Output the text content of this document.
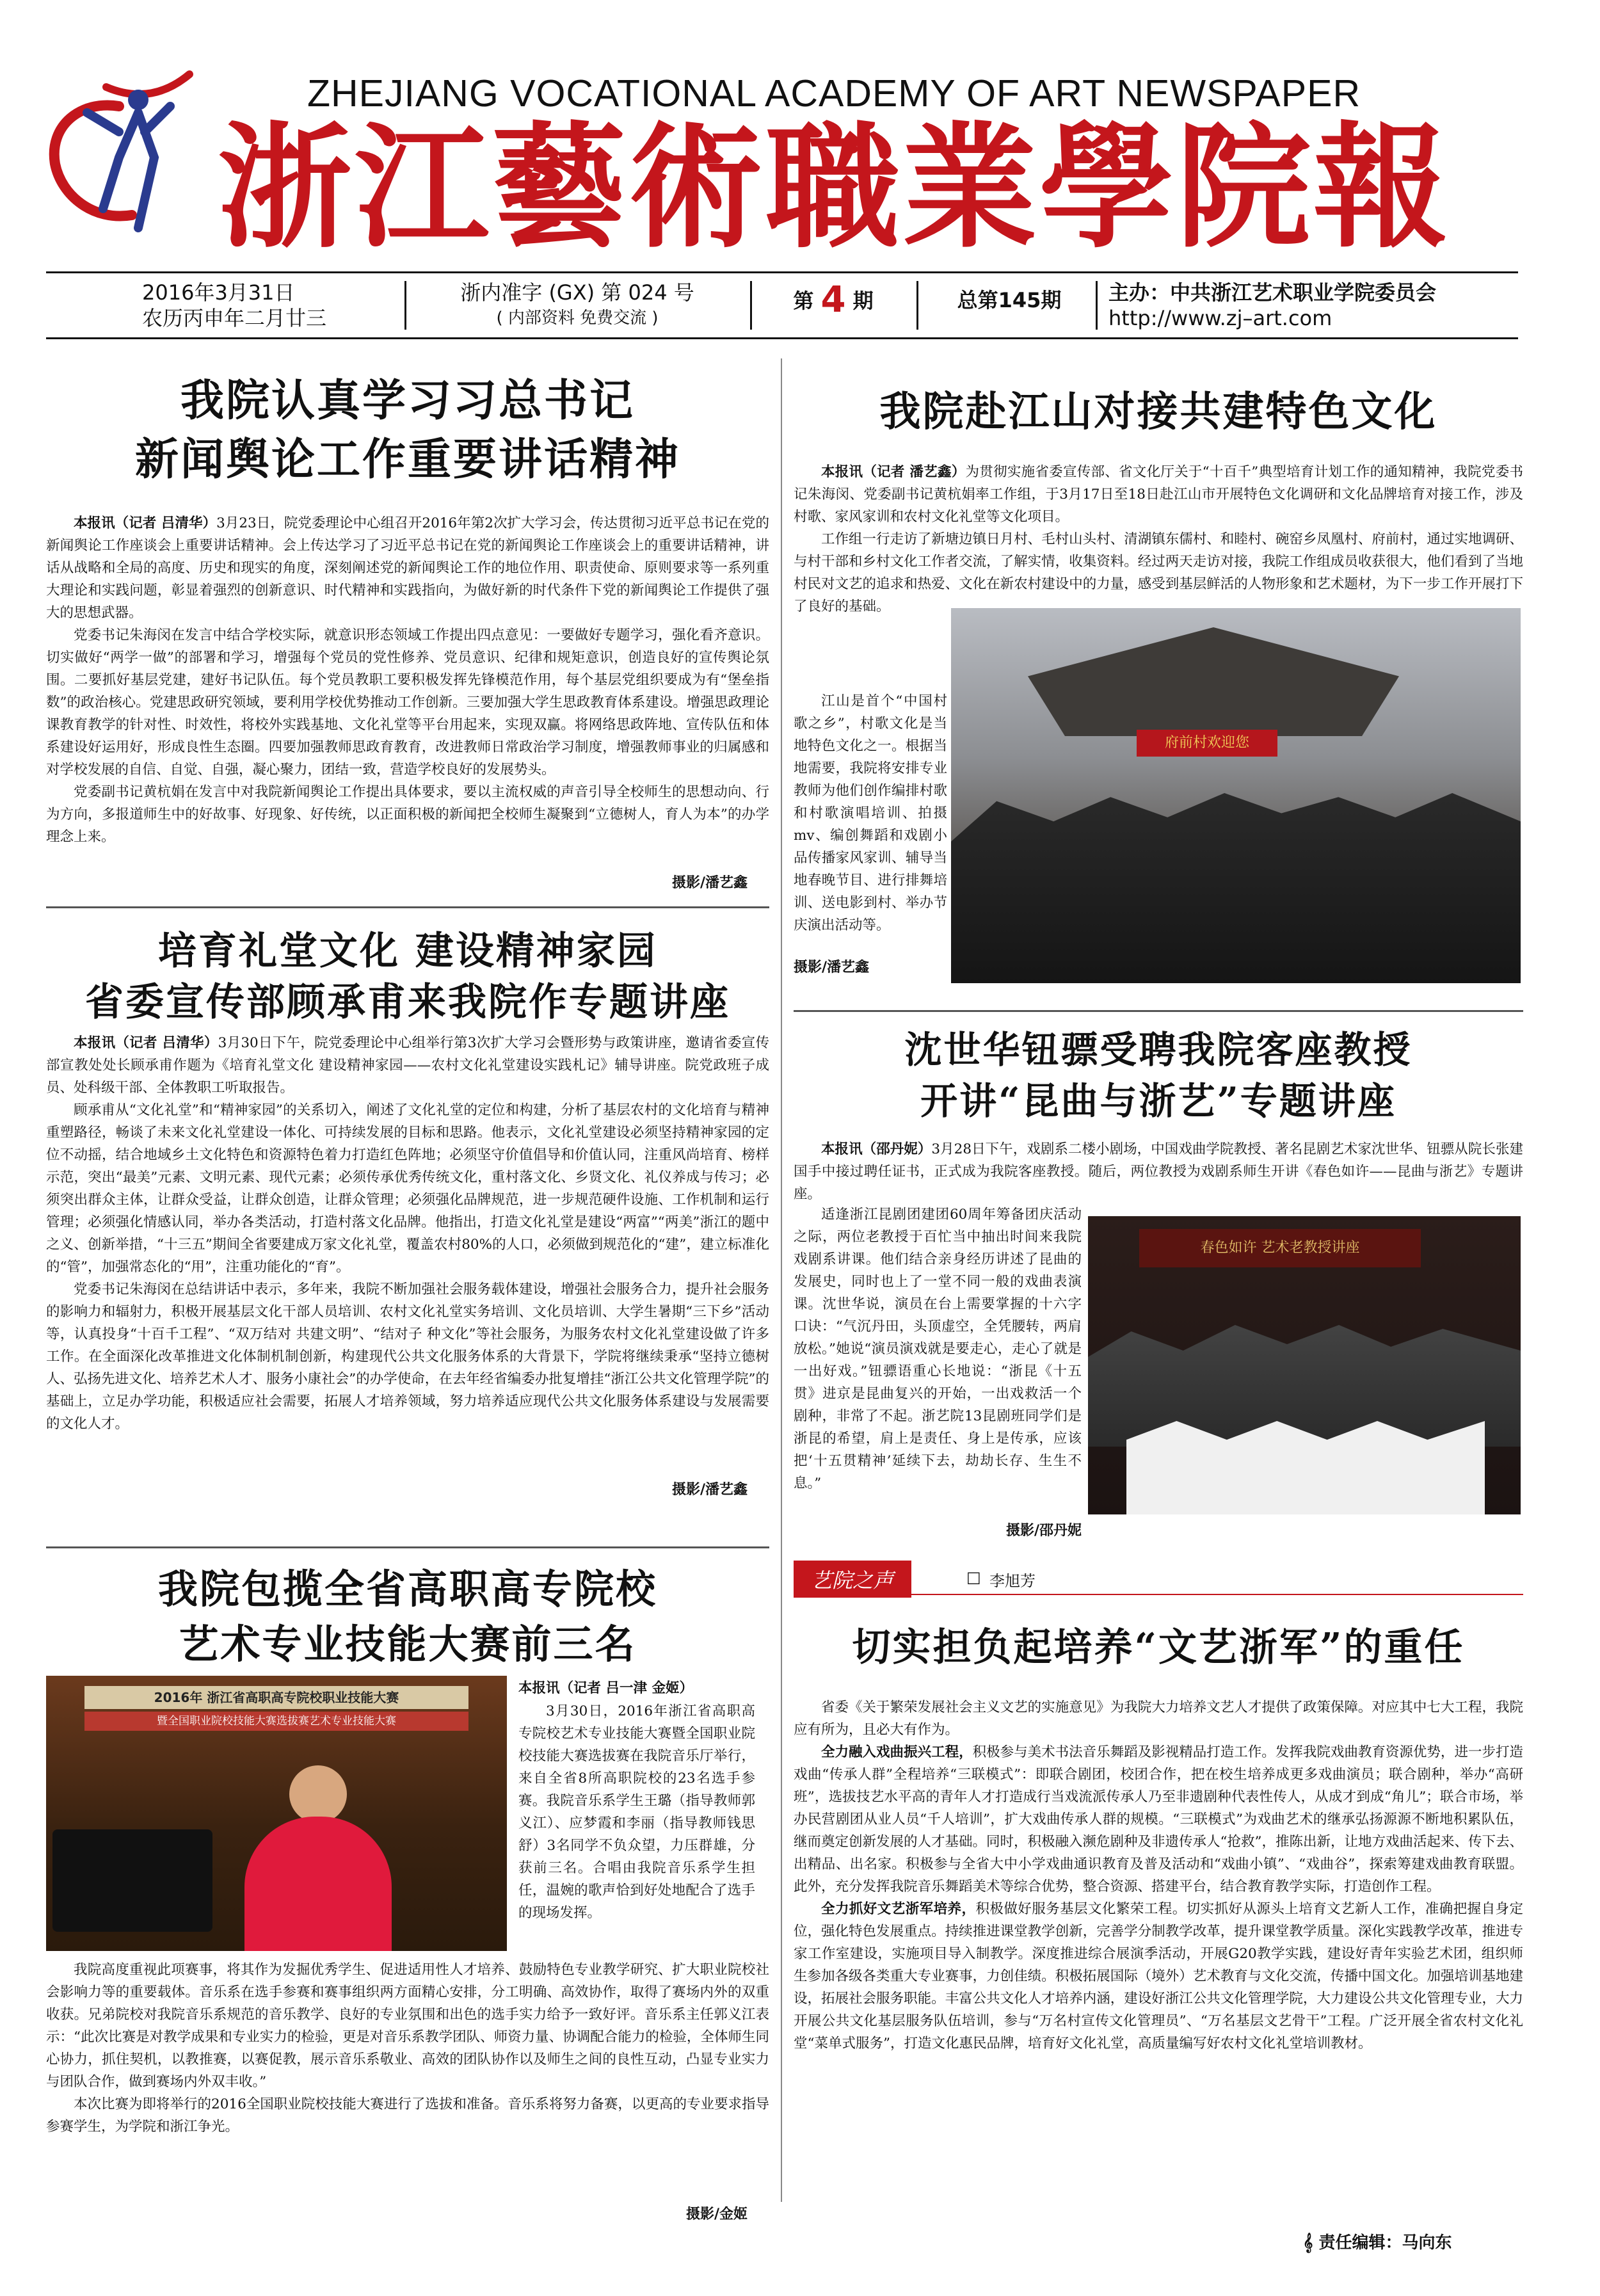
ZHEJIANG VOCATIONAL ACADEMY OF ART NEWSPAPER
浙江藝術職業學院報
2016年3月31日
农历丙申年二月廿三
浙内准字 (GX) 第 024 号
( 内部资料 免费交流 )
第 4 期	总第145期	主办：中共浙江艺术职业学院委员会
http://www.zj–art.com
我院认真学习习总书记
新闻舆论工作重要讲话精神

本报讯（记者 吕清华）3月23日，院党委理论中心组召开2016年第2次扩大学习会，传达贯彻习近平总书记在党的新闻舆论工作座谈会上重要讲话精神。会上传达学习了习近平总书记在党的新闻舆论工作座谈会上的重要讲话精神，讲话从战略和全局的高度、历史和现实的角度，深刻阐述党的新闻舆论工作的地位作用、职责使命、原则要求等一系列重大理论和实践问题，彰显着强烈的创新意识、时代精神和实践指向，为做好新的时代条件下党的新闻舆论工作提供了强大的思想武器。

党委书记朱海闵在发言中结合学校实际，就意识形态领域工作提出四点意见：一要做好专题学习，强化看齐意识。切实做好“两学一做”的部署和学习，增强每个党员的党性修养、党员意识、纪律和规矩意识，创造良好的宣传舆论氛围。二要抓好基层党建，建好书记队伍。每个党员教职工要积极发挥先锋模范作用，每个基层党组织要成为有“堡垒指数”的政治核心。党建思政研究领域，要利用学校优势推动工作创新。三要加强大学生思政教育体系建设。增强思政理论课教育教学的针对性、时效性，将校外实践基地、文化礼堂等平台用起来，实现双赢。将网络思政阵地、宣传队伍和体系建设好运用好，形成良性生态圈。四要加强教师思政育教育，改进教师日常政治学习制度，增强教师事业的归属感和对学校发展的自信、自觉、自强，凝心聚力，团结一致，营造学校良好的发展势头。

党委副书记黄杭娟在发言中对我院新闻舆论工作提出具体要求，要以主流权威的声音引导全校师生的思想动向、行为方向，多报道师生中的好故事、好现象、好传统，以正面积极的新闻把全校师生凝聚到“立德树人，育人为本”的办学理念上来。

摄影/潘艺鑫
培育礼堂文化 建设精神家园
省委宣传部顾承甫来我院作专题讲座

本报讯（记者 吕清华）3月30日下午，院党委理论中心组举行第3次扩大学习会暨形势与政策讲座，邀请省委宣传部宣教处处长顾承甫作题为《培育礼堂文化 建设精神家园——农村文化礼堂建设实践札记》辅导讲座。院党政班子成员、处科级干部、全体教职工听取报告。

顾承甫从“文化礼堂”和“精神家园”的关系切入，阐述了文化礼堂的定位和构建，分析了基层农村的文化培育与精神重塑路径，畅谈了未来文化礼堂建设一体化、可持续发展的目标和思路。他表示，文化礼堂建设必须坚持精神家园的定位不动摇，结合地域乡土文化特色和资源特色着力打造红色阵地；必须坚守价值倡导和价值认同，注重风尚培育、榜样示范，突出“最美”元素、文明元素、现代元素；必须传承优秀传统文化，重村落文化、乡贤文化、礼仪养成与传习；必须突出群众主体，让群众受益，让群众创造，让群众管理；必须强化品牌规范，进一步规范硬件设施、工作机制和运行管理；必须强化情感认同，举办各类活动，打造村落文化品牌。他指出，打造文化礼堂是建设“两富”“两美”浙江的题中之义、创新举措，“十三五”期间全省要建成万家文化礼堂，覆盖农村80%的人口，必须做到规范化的“建”，建立标准化的“管”，加强常态化的“用”，注重功能化的“育”。

党委书记朱海闵在总结讲话中表示，多年来，我院不断加强社会服务载体建设，增强社会服务合力，提升社会服务的影响力和辐射力，积极开展基层文化干部人员培训、农村文化礼堂实务培训、文化员培训、大学生暑期“三下乡”活动等，认真投身“十百千工程”、“双万结对 共建文明”、“结对子 种文化”等社会服务，为服务农村文化礼堂建设做了许多工作。在全面深化改革推进文化体制机制创新，构建现代公共文化服务体系的大背景下，学院将继续秉承“坚持立德树人、弘扬先进文化、培养艺术人才、服务小康社会”的办学使命，在去年经省编委办批复增挂“浙江公共文化管理学院”的基础上，立足办学功能，积极适应社会需要，拓展人才培养领域，努力培养适应现代公共文化服务体系建设与发展需要的文化人才。

摄影/潘艺鑫
我院包揽全省高职高专院校
艺术专业技能大赛前三名
2016年 浙江省高职高专院校职业技能大赛
暨全国职业院校技能大赛选拔赛艺术专业技能大赛

本报讯（记者 吕一津 金姬）

3月30日，2016年浙江省高职高专院校艺术专业技能大赛暨全国职业院校技能大赛选拔赛在我院音乐厅举行，来自全省8所高职院校的23名选手参赛。我院音乐系学生王璐（指导教师郭义江）、应梦霞和李丽（指导教师钱思舒）3名同学不负众望，力压群雄，分获前三名。合唱由我院音乐系学生担任，温婉的歌声恰到好处地配合了选手的现场发挥。

我院高度重视此项赛事，将其作为发掘优秀学生、促进适用性人才培养、鼓励特色专业教学研究、扩大职业院校社会影响力等的重要载体。音乐系在选手参赛和赛事组织两方面精心安排，分工明确、高效协作，取得了赛场内外的双重收获。兄弟院校对我院音乐系规范的音乐教学、良好的专业氛围和出色的选手实力给予一致好评。音乐系主任郭义江表示：“此次比赛是对教学成果和专业实力的检验，更是对音乐系教学团队、师资力量、协调配合能力的检验，全体师生同心协力，抓住契机，以教推赛，以赛促教，展示音乐系敬业、高效的团队协作以及师生之间的良性互动，凸显专业实力与团队合作，做到赛场内外双丰收。”

本次比赛为即将举行的2016全国职业院校技能大赛进行了选拔和准备。音乐系将努力备赛，以更高的专业要求指导参赛学生，为学院和浙江争光。

摄影/金姬
我院赴江山对接共建特色文化

本报讯（记者 潘艺鑫）为贯彻实施省委宣传部、省文化厅关于“十百千”典型培育计划工作的通知精神，我院党委书记朱海闵、党委副书记黄杭娟率工作组，于3月17日至18日赴江山市开展特色文化调研和文化品牌培育对接工作，涉及村歌、家风家训和农村文化礼堂等文化项目。

工作组一行走访了新塘边镇日月村、毛村山头村、清湖镇东儒村、和睦村、碗窑乡凤凰村、府前村，通过实地调研、与村干部和乡村文化工作者交流，了解实情，收集资料。经过两天走访对接，我院工作组成员收获很大，他们看到了当地村民对文艺的追求和热爱、文化在新农村建设中的力量，感受到基层鲜活的人物形象和艺术题材，为下一步工作开展打下了良好的基础。

江山是首个“中国村歌之乡”，村歌文化是当地特色文化之一。根据当地需要，我院将安排专业教师为他们创作编排村歌和村歌演唱培训、拍摄mv、编创舞蹈和戏剧小品传播家风家训、辅导当地春晚节目、进行排舞培训、送电影到村、举办节庆演出活动等。

摄影/潘艺鑫
府前村欢迎您
沈世华钮骠受聘我院客座教授
开讲“昆曲与浙艺”专题讲座

本报讯（邵丹妮）3月28日下午，戏剧系二楼小剧场，中国戏曲学院教授、著名昆剧艺术家沈世华、钮骠从院长张建国手中接过聘任证书，正式成为我院客座教授。随后，两位教授为戏剧系师生开讲《春色如许——昆曲与浙艺》专题讲座。

适逢浙江昆剧团建团60周年筹备团庆活动之际，两位老教授于百忙当中抽出时间来我院戏剧系讲课。他们结合亲身经历讲述了昆曲的发展史，同时也上了一堂不同一般的戏曲表演课。沈世华说，演员在台上需要掌握的十六字口诀：“气沉丹田，头顶虚空，全凭腰转，两肩放松。”她说“演员演戏就是要走心，走心了就是一出好戏。”钮骠语重心长地说：“浙昆《十五贯》进京是昆曲复兴的开始，一出戏救活一个剧种，非常了不起。浙艺院13昆剧班同学们是浙昆的希望，肩上是责任、身上是传承，应该把‘十五贯精神’延续下去，劫劫长存、生生不息。”

春色如许 艺术老教授讲座
摄影/邵丹妮
艺院之声	□ 李旭芳
切实担负起培养“文艺浙军”的重任

省委《关于繁荣发展社会主义文艺的实施意见》为我院大力培养文艺人才提供了政策保障。对应其中七大工程，我院应有所为，且必大有作为。

全力融入戏曲振兴工程，积极参与美术书法音乐舞蹈及影视精品打造工作。发挥我院戏曲教育资源优势，进一步打造戏曲“传承人群”全程培养“三联模式”：即联合剧团，校团合作，把在校生培养成更多戏曲演员；联合剧种，举办“高研班”，选拔技艺水平高的青年人才打造成行当戏流派传承人乃至非遗剧种代表性传人，从成才到成“角儿”；联合市场，举办民营剧团从业人员“千人培训”，扩大戏曲传承人群的规模。“三联模式”为戏曲艺术的继承弘扬源源不断地积累队伍，继而奠定创新发展的人才基础。同时，积极融入濒危剧种及非遗传承人“抢救”，推陈出新，让地方戏曲活起来、传下去、出精品、出名家。积极参与全省大中小学戏曲通识教育及普及活动和“戏曲小镇”、“戏曲谷”，探索筹建戏曲教育联盟。此外，充分发挥我院音乐舞蹈美术等综合优势，整合资源、搭建平台，结合教育教学实际，打造创作工程。

全力抓好文艺浙军培养，积极做好服务基层文化繁荣工程。切实抓好从源头上培育文艺新人工作，准确把握自身定位，强化特色发展重点。持续推进课堂教学创新，完善学分制教学改革，提升课堂教学质量。深化实践教学改革，推进专家工作室建设，实施项目导入制教学。深度推进综合展演季活动，开展G20教学实践，建设好青年实验艺术团，组织师生参加各级各类重大专业赛事，力创佳绩。积极拓展国际（境外）艺术教育与文化交流，传播中国文化。加强培训基地建设，拓展社会服务职能。丰富公共文化人才培养内涵，建设好浙江公共文化管理学院，大力建设公共文化管理专业，大力开展公共文化基层服务队伍培训，参与“万名村宣传文化管理员”、“万名基层文艺骨干”工程。广泛开展全省农村文化礼堂“菜单式服务”，打造文化惠民品牌，培育好文化礼堂，高质量编写好农村文化礼堂培训教材。

𝄞 责任编辑：马向东
